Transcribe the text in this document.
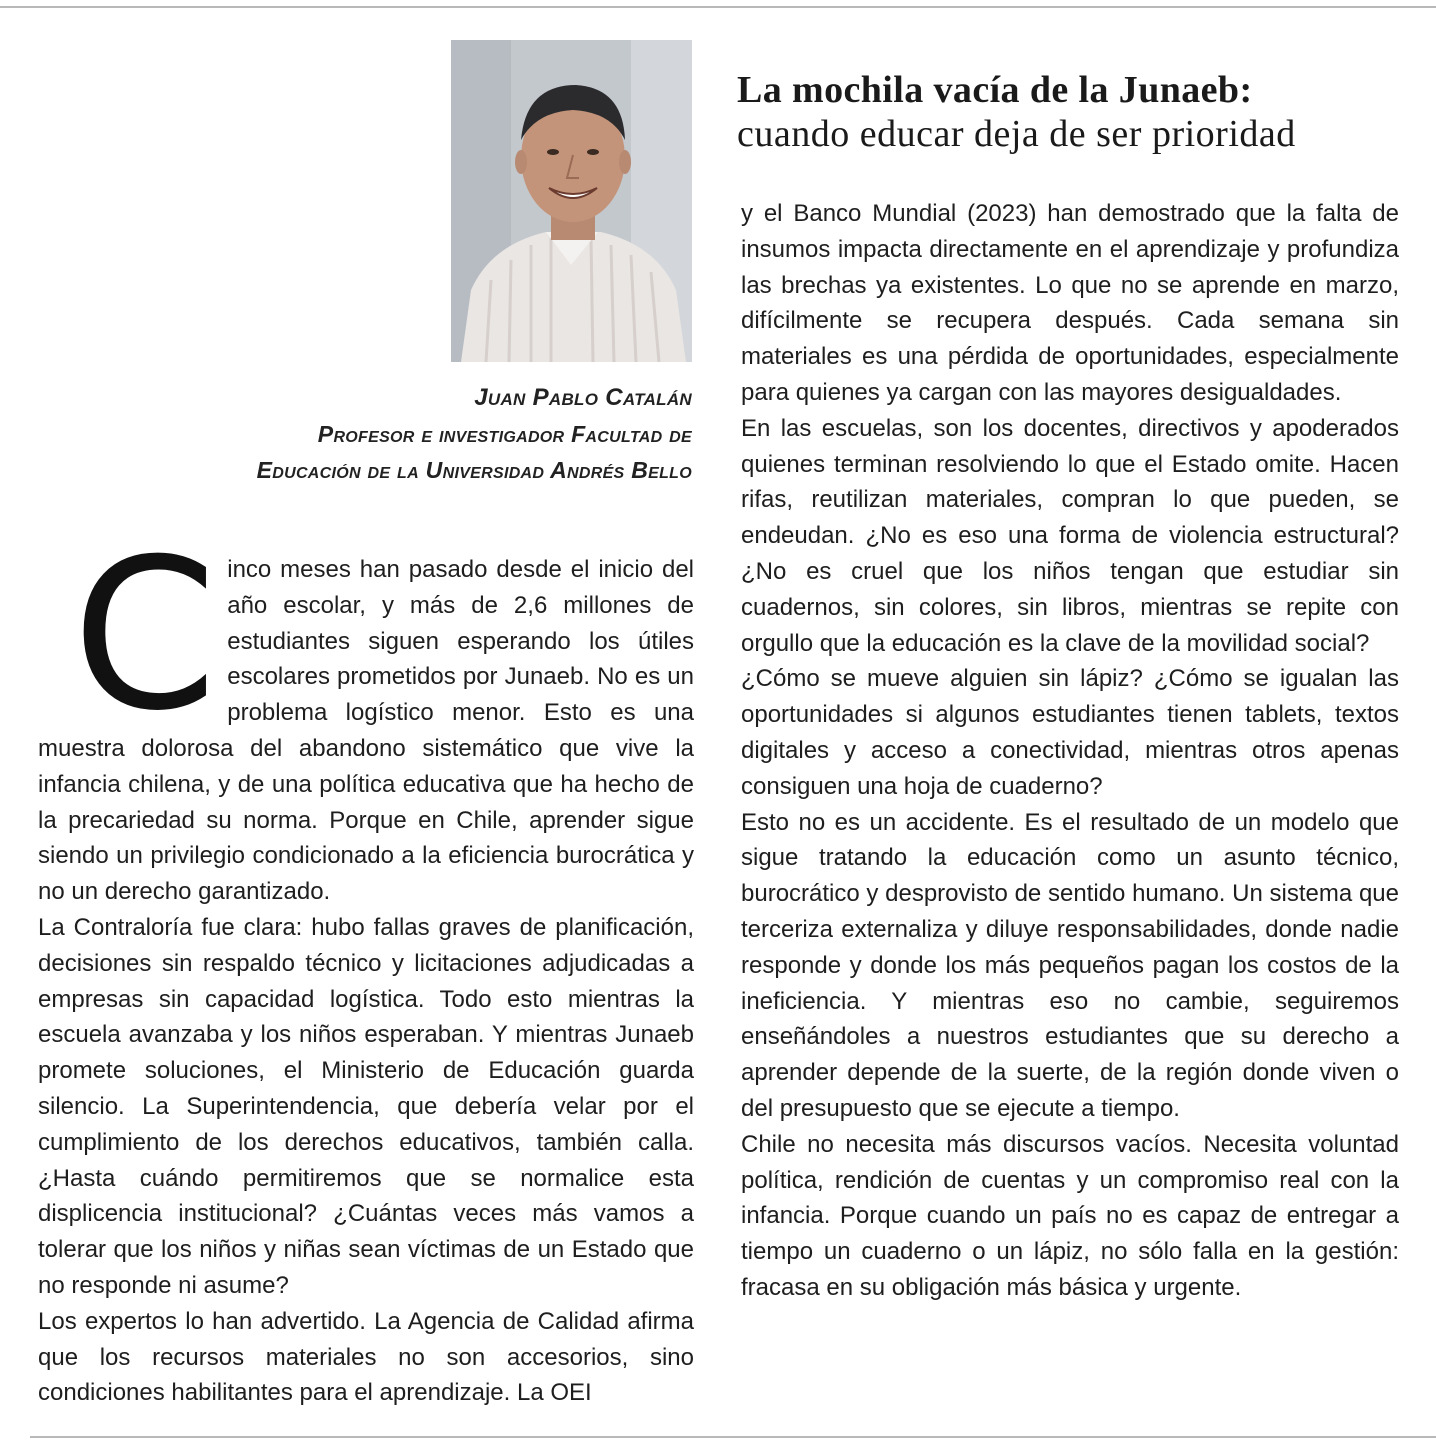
Juan Pablo Catalán
Profesor e investigador Facultad de
Educación de la Universidad Andrés Bello
La mochila vacía de la Junaeb:
cuando educar deja de ser prioridad

Cinco meses han pasado desde el inicio del año escolar, y más de 2,6 millones de estudiantes siguen esperando los útiles escolares prometidos por Junaeb. No es un problema logístico menor. Esto es una muestra dolorosa del abandono sistemático que vive la infancia chilena, y de una política educativa que ha hecho de la precariedad su norma. Porque en Chile, aprender sigue siendo un privilegio condicionado a la eficiencia burocrática y no un derecho garantizado.

La Contraloría fue clara: hubo fallas graves de planificación, decisiones sin respaldo técnico y licitaciones adjudicadas a empresas sin capacidad logística. Todo esto mientras la escuela avanzaba y los niños esperaban. Y mientras Junaeb promete soluciones, el Ministerio de Educación guarda silencio. La Superintendencia, que debería velar por el cumplimiento de los derechos educativos, también calla. ¿Hasta cuándo permitiremos que se normalice esta displicencia institucional? ¿Cuántas veces más vamos a tolerar que los niños y niñas sean víctimas de un Estado que no responde ni asume?

Los expertos lo han advertido. La Agencia de Calidad afirma que los recursos materiales no son accesorios, sino condiciones habilitantes para el aprendizaje. La OEI

y el Banco Mundial (2023) han demostrado que la falta de insumos impacta directamente en el aprendizaje y profundiza las brechas ya existentes. Lo que no se aprende en marzo, difícilmente se recupera después. Cada semana sin materiales es una pérdida de oportunidades, especialmente para quienes ya cargan con las mayores desigualdades.

En las escuelas, son los docentes, directivos y apoderados quienes terminan resolviendo lo que el Estado omite. Hacen rifas, reutilizan materiales, compran lo que pueden, se endeudan. ¿No es eso una forma de violencia estructural? ¿No es cruel que los niños tengan que estudiar sin cuadernos, sin colores, sin libros, mientras se repite con orgullo que la educación es la clave de la movilidad social?

¿Cómo se mueve alguien sin lápiz? ¿Cómo se igualan las oportunidades si algunos estudiantes tienen tablets, textos digitales y acceso a conectividad, mientras otros apenas consiguen una hoja de cuaderno?

Esto no es un accidente. Es el resultado de un modelo que sigue tratando la educación como un asunto técnico, burocrático y desprovisto de sentido humano. Un sistema que terceriza externaliza y diluye responsabilidades, donde nadie responde y donde los más pequeños pagan los costos de la ineficiencia. Y mientras eso no cambie, seguiremos enseñándoles a nuestros estudiantes que su derecho a aprender depende de la suerte, de la región donde viven o del presupuesto que se ejecute a tiempo.

Chile no necesita más discursos vacíos. Necesita voluntad política, rendición de cuentas y un compromiso real con la infancia. Porque cuando un país no es capaz de entregar a tiempo un cuaderno o un lápiz, no sólo falla en la gestión: fracasa en su obligación más básica y urgente.
